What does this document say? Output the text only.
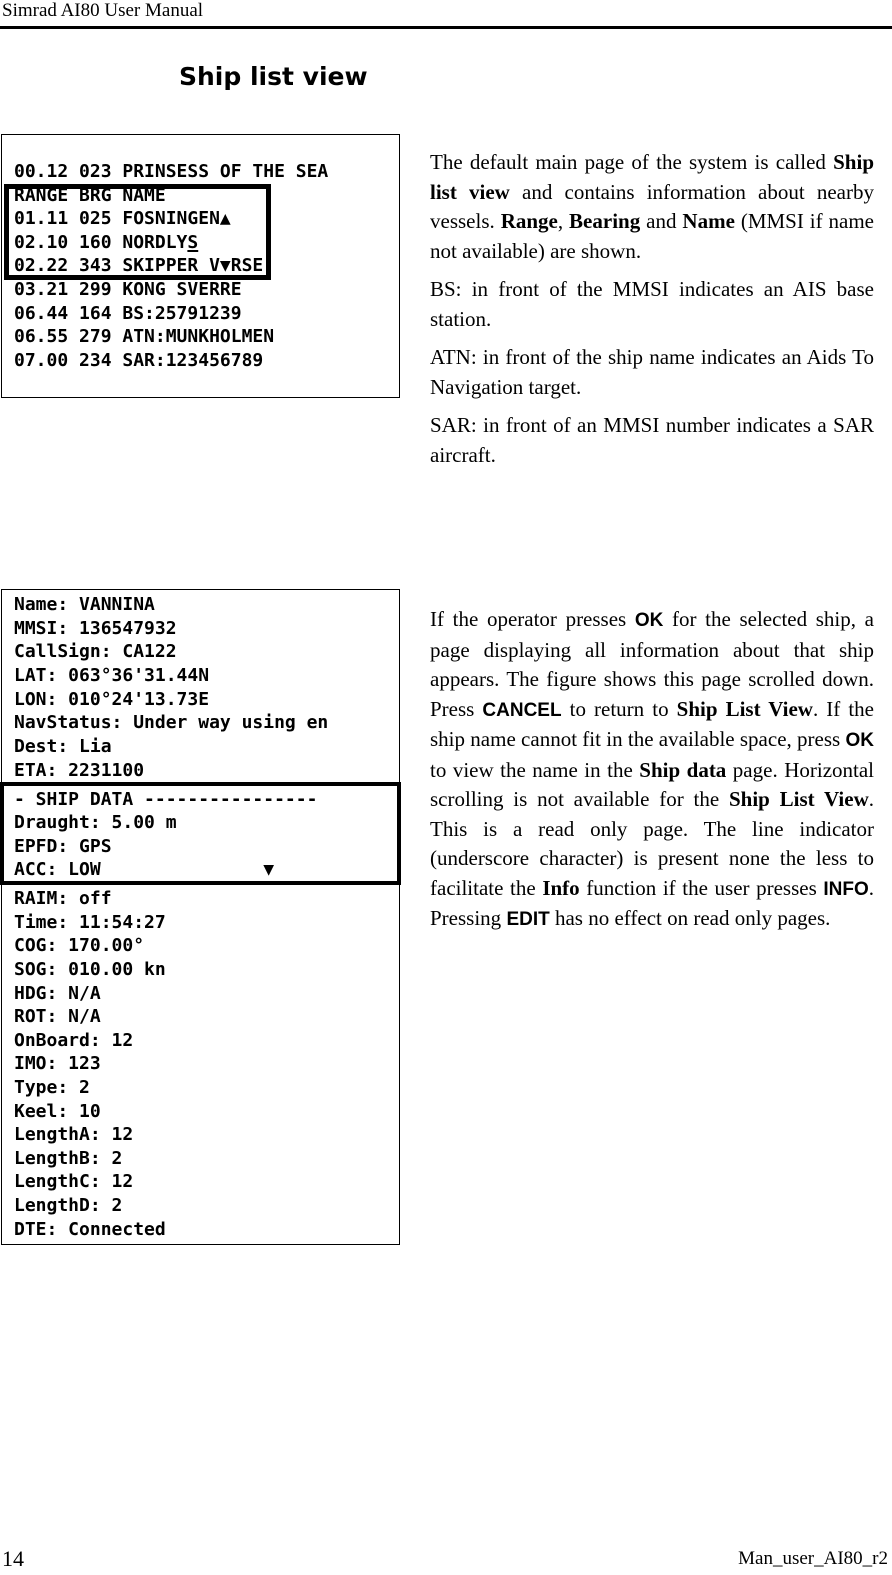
Simrad AI80 User Manual
Ship list view
00.12 023 PRINSESS OF THE SEA
RANGE BRG NAME
01.11 025 FOSNINGEN▲
02.10 160 NORDLYS
02.22 343 SKIPPER V▼RSE
03.21 299 KONG SVERRE
06.44 164 BS:25791239
06.55 279 ATN:MUNKHOLMEN
07.00 234 SAR:123456789

The default main page of the system is called Ship list view and contains information about nearby vessels. Range, Bearing and Name (MMSI if name not available) are shown.

BS: in front of the MMSI indicates an AIS base station.

ATN: in front of the ship name indicates an Aids To Navigation target.

SAR: in front of an MMSI number indicates a SAR aircraft.

Name: VANNINA
MMSI: 136547932
CallSign: CA122
LAT: 063°36'31.44N
LON: 010°24'13.73E
NavStatus: Under way using en
Dest: Lia
ETA: 2231100
- SHIP DATA ----------------
Draught: 5.00 m
EPFD: GPS
ACC: LOW               ▼
RAIM: off
Time: 11:54:27
COG: 170.00°
SOG: 010.00 kn
HDG: N/A
ROT: N/A
OnBoard: 12
IMO: 123
Type: 2
Keel: 10
LengthA: 12
LengthB: 2
LengthC: 12
LengthD: 2
DTE: Connected

If the operator presses OK for the selected ship, a page displaying all information about that ship appears. The figure shows this page scrolled down. Press CANCEL to return to Ship List View. If the ship name cannot fit in the available space, press OK to view the name in the Ship data page. Horizontal scrolling is not available for the Ship List View. This is a read only page. The line indicator (underscore character) is present none the less to facilitate the Info function if the user presses INFO. Pressing EDIT has no effect on read only pages.

14	Man_user_AI80_r2
